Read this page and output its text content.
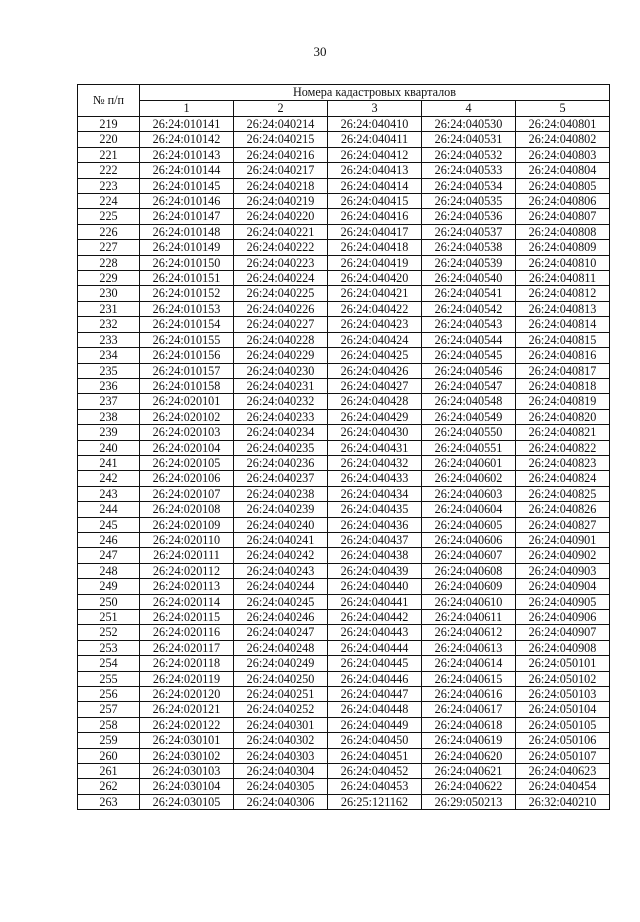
30
№ п/п	Номера кадастровых кварталов				
	1	2	3	4	5
219	26:24:010141	26:24:040214	26:24:040410	26:24:040530	26:24:040801
220	26:24:010142	26:24:040215	26:24:040411	26:24:040531	26:24:040802
221	26:24:010143	26:24:040216	26:24:040412	26:24:040532	26:24:040803
222	26:24:010144	26:24:040217	26:24:040413	26:24:040533	26:24:040804
223	26:24:010145	26:24:040218	26:24:040414	26:24:040534	26:24:040805
224	26:24:010146	26:24:040219	26:24:040415	26:24:040535	26:24:040806
225	26:24:010147	26:24:040220	26:24:040416	26:24:040536	26:24:040807
226	26:24:010148	26:24:040221	26:24:040417	26:24:040537	26:24:040808
227	26:24:010149	26:24:040222	26:24:040418	26:24:040538	26:24:040809
228	26:24:010150	26:24:040223	26:24:040419	26:24:040539	26:24:040810
229	26:24:010151	26:24:040224	26:24:040420	26:24:040540	26:24:040811
230	26:24:010152	26:24:040225	26:24:040421	26:24:040541	26:24:040812
231	26:24:010153	26:24:040226	26:24:040422	26:24:040542	26:24:040813
232	26:24:010154	26:24:040227	26:24:040423	26:24:040543	26:24:040814
233	26:24:010155	26:24:040228	26:24:040424	26:24:040544	26:24:040815
234	26:24:010156	26:24:040229	26:24:040425	26:24:040545	26:24:040816
235	26:24:010157	26:24:040230	26:24:040426	26:24:040546	26:24:040817
236	26:24:010158	26:24:040231	26:24:040427	26:24:040547	26:24:040818
237	26:24:020101	26:24:040232	26:24:040428	26:24:040548	26:24:040819
238	26:24:020102	26:24:040233	26:24:040429	26:24:040549	26:24:040820
239	26:24:020103	26:24:040234	26:24:040430	26:24:040550	26:24:040821
240	26:24:020104	26:24:040235	26:24:040431	26:24:040551	26:24:040822
241	26:24:020105	26:24:040236	26:24:040432	26:24:040601	26:24:040823
242	26:24:020106	26:24:040237	26:24:040433	26:24:040602	26:24:040824
243	26:24:020107	26:24:040238	26:24:040434	26:24:040603	26:24:040825
244	26:24:020108	26:24:040239	26:24:040435	26:24:040604	26:24:040826
245	26:24:020109	26:24:040240	26:24:040436	26:24:040605	26:24:040827
246	26:24:020110	26:24:040241	26:24:040437	26:24:040606	26:24:040901
247	26:24:020111	26:24:040242	26:24:040438	26:24:040607	26:24:040902
248	26:24:020112	26:24:040243	26:24:040439	26:24:040608	26:24:040903
249	26:24:020113	26:24:040244	26:24:040440	26:24:040609	26:24:040904
250	26:24:020114	26:24:040245	26:24:040441	26:24:040610	26:24:040905
251	26:24:020115	26:24:040246	26:24:040442	26:24:040611	26:24:040906
252	26:24:020116	26:24:040247	26:24:040443	26:24:040612	26:24:040907
253	26:24:020117	26:24:040248	26:24:040444	26:24:040613	26:24:040908
254	26:24:020118	26:24:040249	26:24:040445	26:24:040614	26:24:050101
255	26:24:020119	26:24:040250	26:24:040446	26:24:040615	26:24:050102
256	26:24:020120	26:24:040251	26:24:040447	26:24:040616	26:24:050103
257	26:24:020121	26:24:040252	26:24:040448	26:24:040617	26:24:050104
258	26:24:020122	26:24:040301	26:24:040449	26:24:040618	26:24:050105
259	26:24:030101	26:24:040302	26:24:040450	26:24:040619	26:24:050106
260	26:24:030102	26:24:040303	26:24:040451	26:24:040620	26:24:050107
261	26:24:030103	26:24:040304	26:24:040452	26:24:040621	26:24:040623
262	26:24:030104	26:24:040305	26:24:040453	26:24:040622	26:24:040454
263	26:24:030105	26:24:040306	26:25:121162	26:29:050213	26:32:040210
